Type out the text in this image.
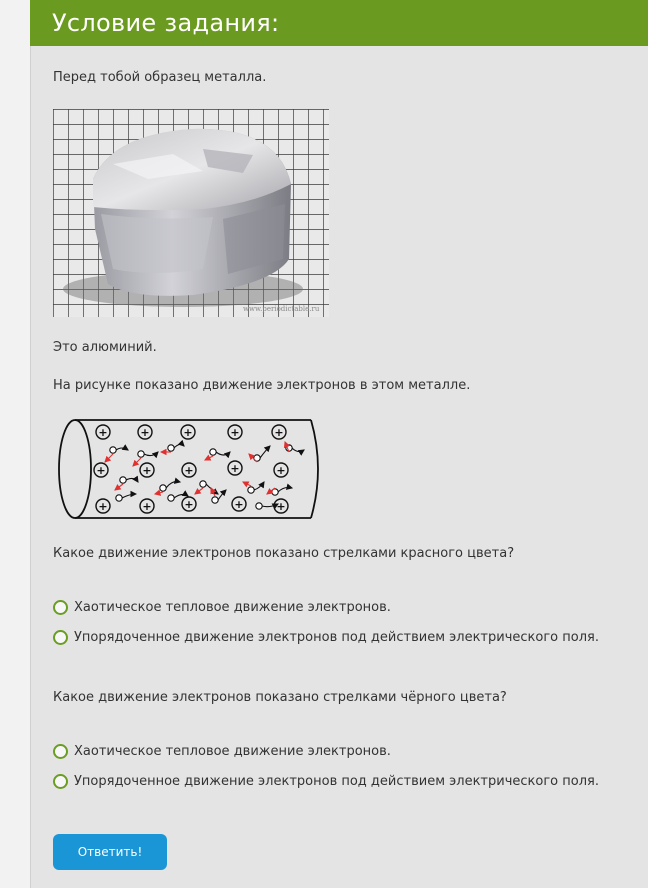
Условие задания:
Перед тобой образец металла.
www.periodictable.ru
Это алюминий.
На рисунке показано движение электронов в этом металле.
+	+	+	+	+
+	+	+	+	+
+	+	+	+	+
Какое движение электронов показано стрелками красного цвета?
Хаотическое тепловое движение электронов.
Упорядоченное движение электронов под действием электрического поля.
Какое движение электронов показано стрелками чёрного цвета?
Хаотическое тепловое движение электронов.
Упорядоченное движение электронов под действием электрического поля.
Ответить!
